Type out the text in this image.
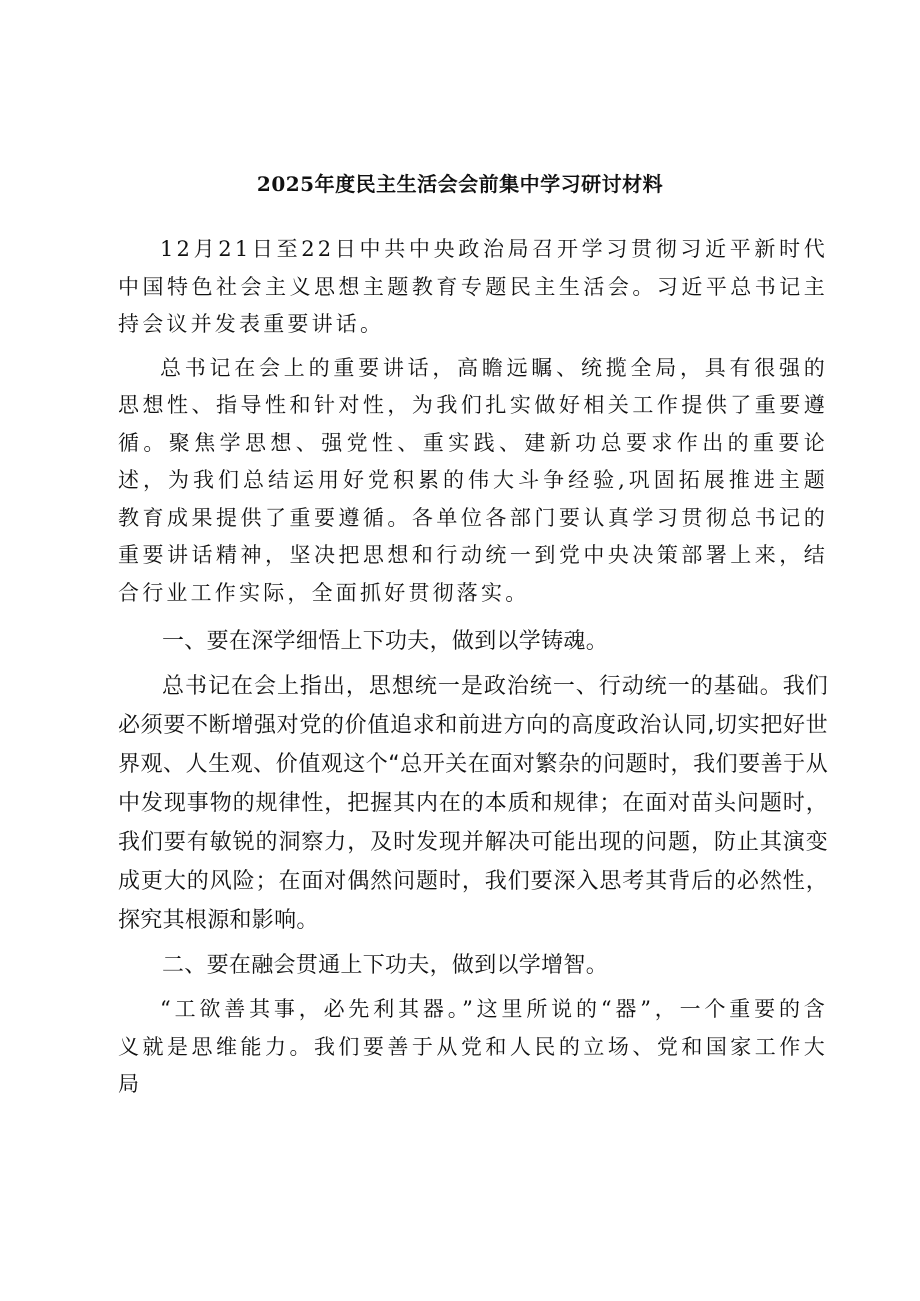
2025年度民主生活会会前集中学习研讨材料

12月21日至22日中共中央政治局召开学习贯彻习近平新时代中国特色社会主义思想主题教育专题民主生活会。习近平总书记主持会议并发表重要讲话。

总书记在会上的重要讲话，高瞻远瞩、统揽全局，具有很强的思想性、指导性和针对性，为我们扎实做好相关工作提供了重要遵循。聚焦学思想、强党性、重实践、建新功总要求作出的重要论述，为我们总结运用好党积累的伟大斗争经验,巩固拓展推进主题教育成果提供了重要遵循。各单位各部门要认真学习贯彻总书记的重要讲话精神，坚决把思想和行动统一到党中央决策部署上来，结合行业工作实际，全面抓好贯彻落实。

一、要在深学细悟上下功夫，做到以学铸魂。

总书记在会上指出，思想统一是政治统一、行动统一的基础。我们必须要不断增强对党的价值追求和前进方向的高度政治认同,切实把好世界观、人生观、价值观这个“总开关在面对繁杂的问题时，我们要善于从中发现事物的规律性，把握其内在的本质和规律；在面对苗头问题时，我们要有敏锐的洞察力，及时发现并解决可能出现的问题，防止其演变成更大的风险；在面对偶然问题时，我们要深入思考其背后的必然性，探究其根源和影响。

二、要在融会贯通上下功夫，做到以学增智。

“工欲善其事，必先利其器。”这里所说的“器”，一个重要的含义就是思维能力。我们要善于从党和人民的立场、党和国家工作大局
